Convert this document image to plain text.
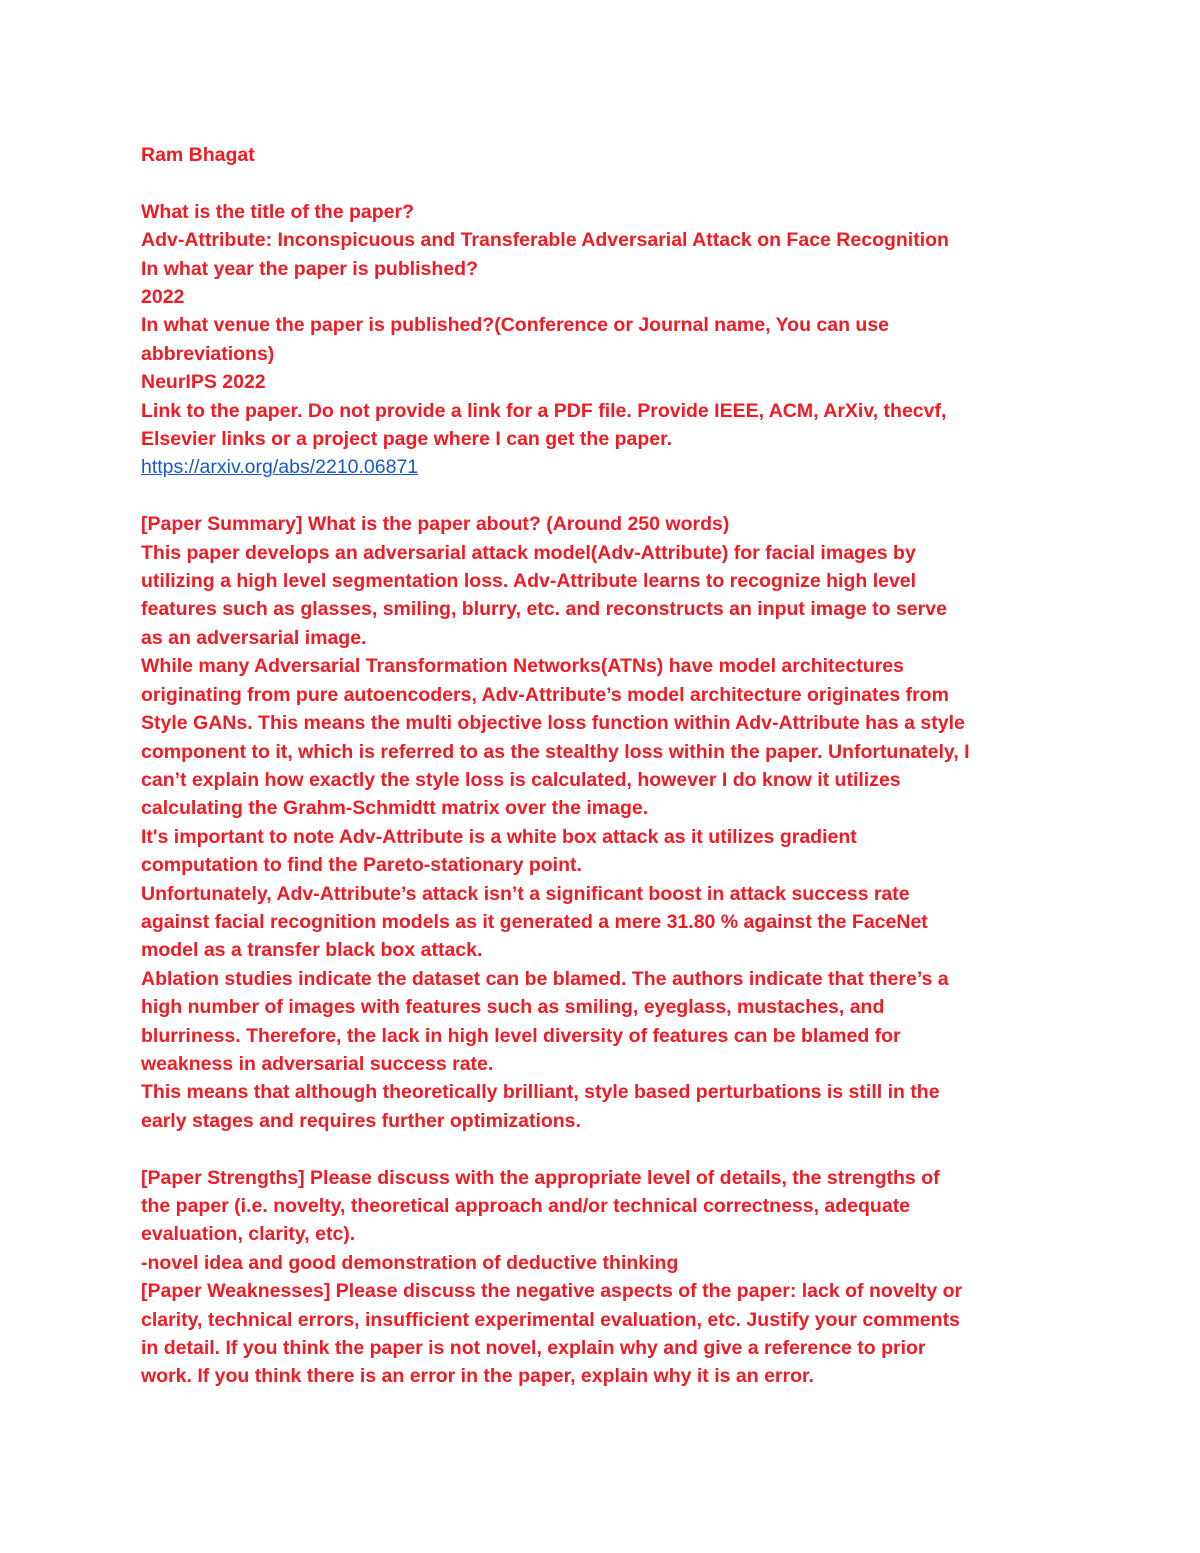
Ram Bhagat
What is the title of the paper?
Adv-Attribute: Inconspicuous and Transferable Adversarial Attack on Face Recognition
In what year the paper is published?
2022
In what venue the paper is published?(Conference or Journal name, You can use
abbreviations)
NeurIPS 2022
Link to the paper. Do not provide a link for a PDF file. Provide IEEE, ACM, ArXiv, thecvf,
Elsevier links or a project page where I can get the paper.
https://arxiv.org/abs/2210.06871
[Paper Summary] What is the paper about? (Around 250 words)
This paper develops an adversarial attack model(Adv-Attribute) for facial images by
utilizing a high level segmentation loss. Adv-Attribute learns to recognize high level
features such as glasses, smiling, blurry, etc. and reconstructs an input image to serve
as an adversarial image.
While many Adversarial Transformation Networks(ATNs) have model architectures
originating from pure autoencoders, Adv-Attribute’s model architecture originates from
Style GANs. This means the multi objective loss function within Adv-Attribute has a style
component to it, which is referred to as the stealthy loss within the paper. Unfortunately, I
can’t explain how exactly the style loss is calculated, however I do know it utilizes
calculating the Grahm-Schmidtt matrix over the image.
It's important to note Adv-Attribute is a white box attack as it utilizes gradient
computation to find the Pareto-stationary point.
Unfortunately, Adv-Attribute’s attack isn’t a significant boost in attack success rate
against facial recognition models as it generated a mere 31.80 % against the FaceNet
model as a transfer black box attack.
Ablation studies indicate the dataset can be blamed. The authors indicate that there’s a
high number of images with features such as smiling, eyeglass, mustaches, and
blurriness. Therefore, the lack in high level diversity of features can be blamed for
weakness in adversarial success rate.
This means that although theoretically brilliant, style based perturbations is still in the
early stages and requires further optimizations.
[Paper Strengths] Please discuss with the appropriate level of details, the strengths of
the paper (i.e. novelty, theoretical approach and/or technical correctness, adequate
evaluation, clarity, etc).
-novel idea and good demonstration of deductive thinking
[Paper Weaknesses] Please discuss the negative aspects of the paper: lack of novelty or
clarity, technical errors, insufficient experimental evaluation, etc. Justify your comments
in detail. If you think the paper is not novel, explain why and give a reference to prior
work. If you think there is an error in the paper, explain why it is an error.
